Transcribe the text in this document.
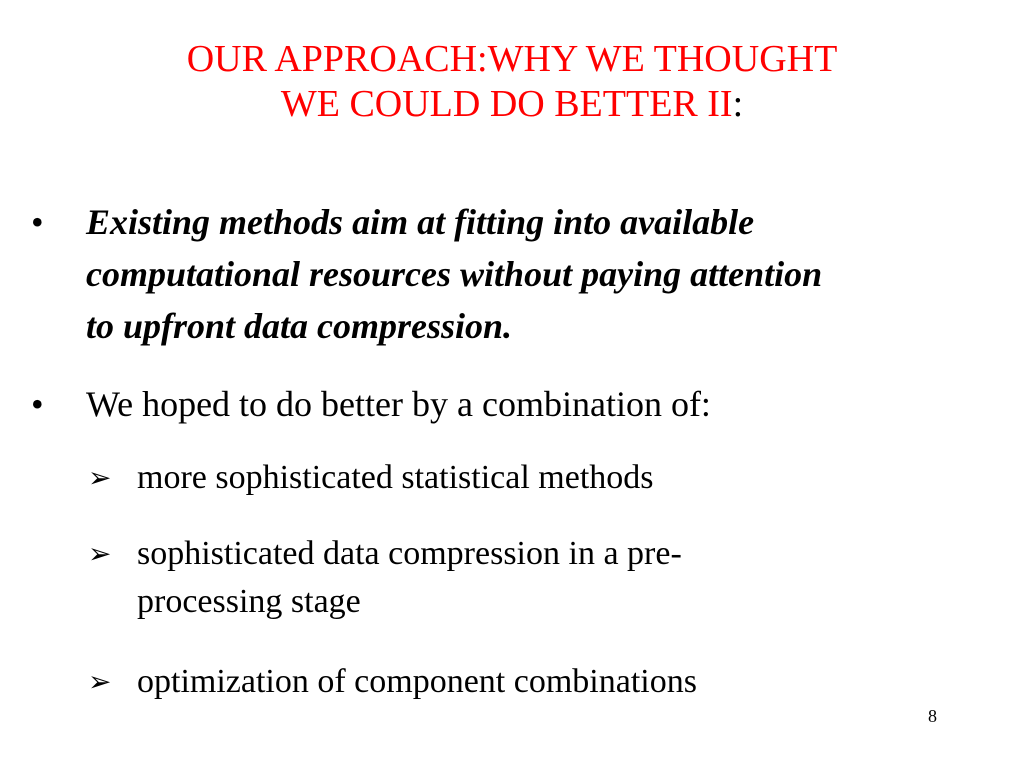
OUR APPROACH:WHY WE THOUGHT
WE COULD DO BETTER II:
• Existing methods aim at fitting into available
computational resources without paying attention
to upfront data compression.
• We hoped to do better by a combination of:
➢ more sophisticated statistical methods
➢ sophisticated data compression in a pre-
processing stage
➢ optimization of component combinations
8
